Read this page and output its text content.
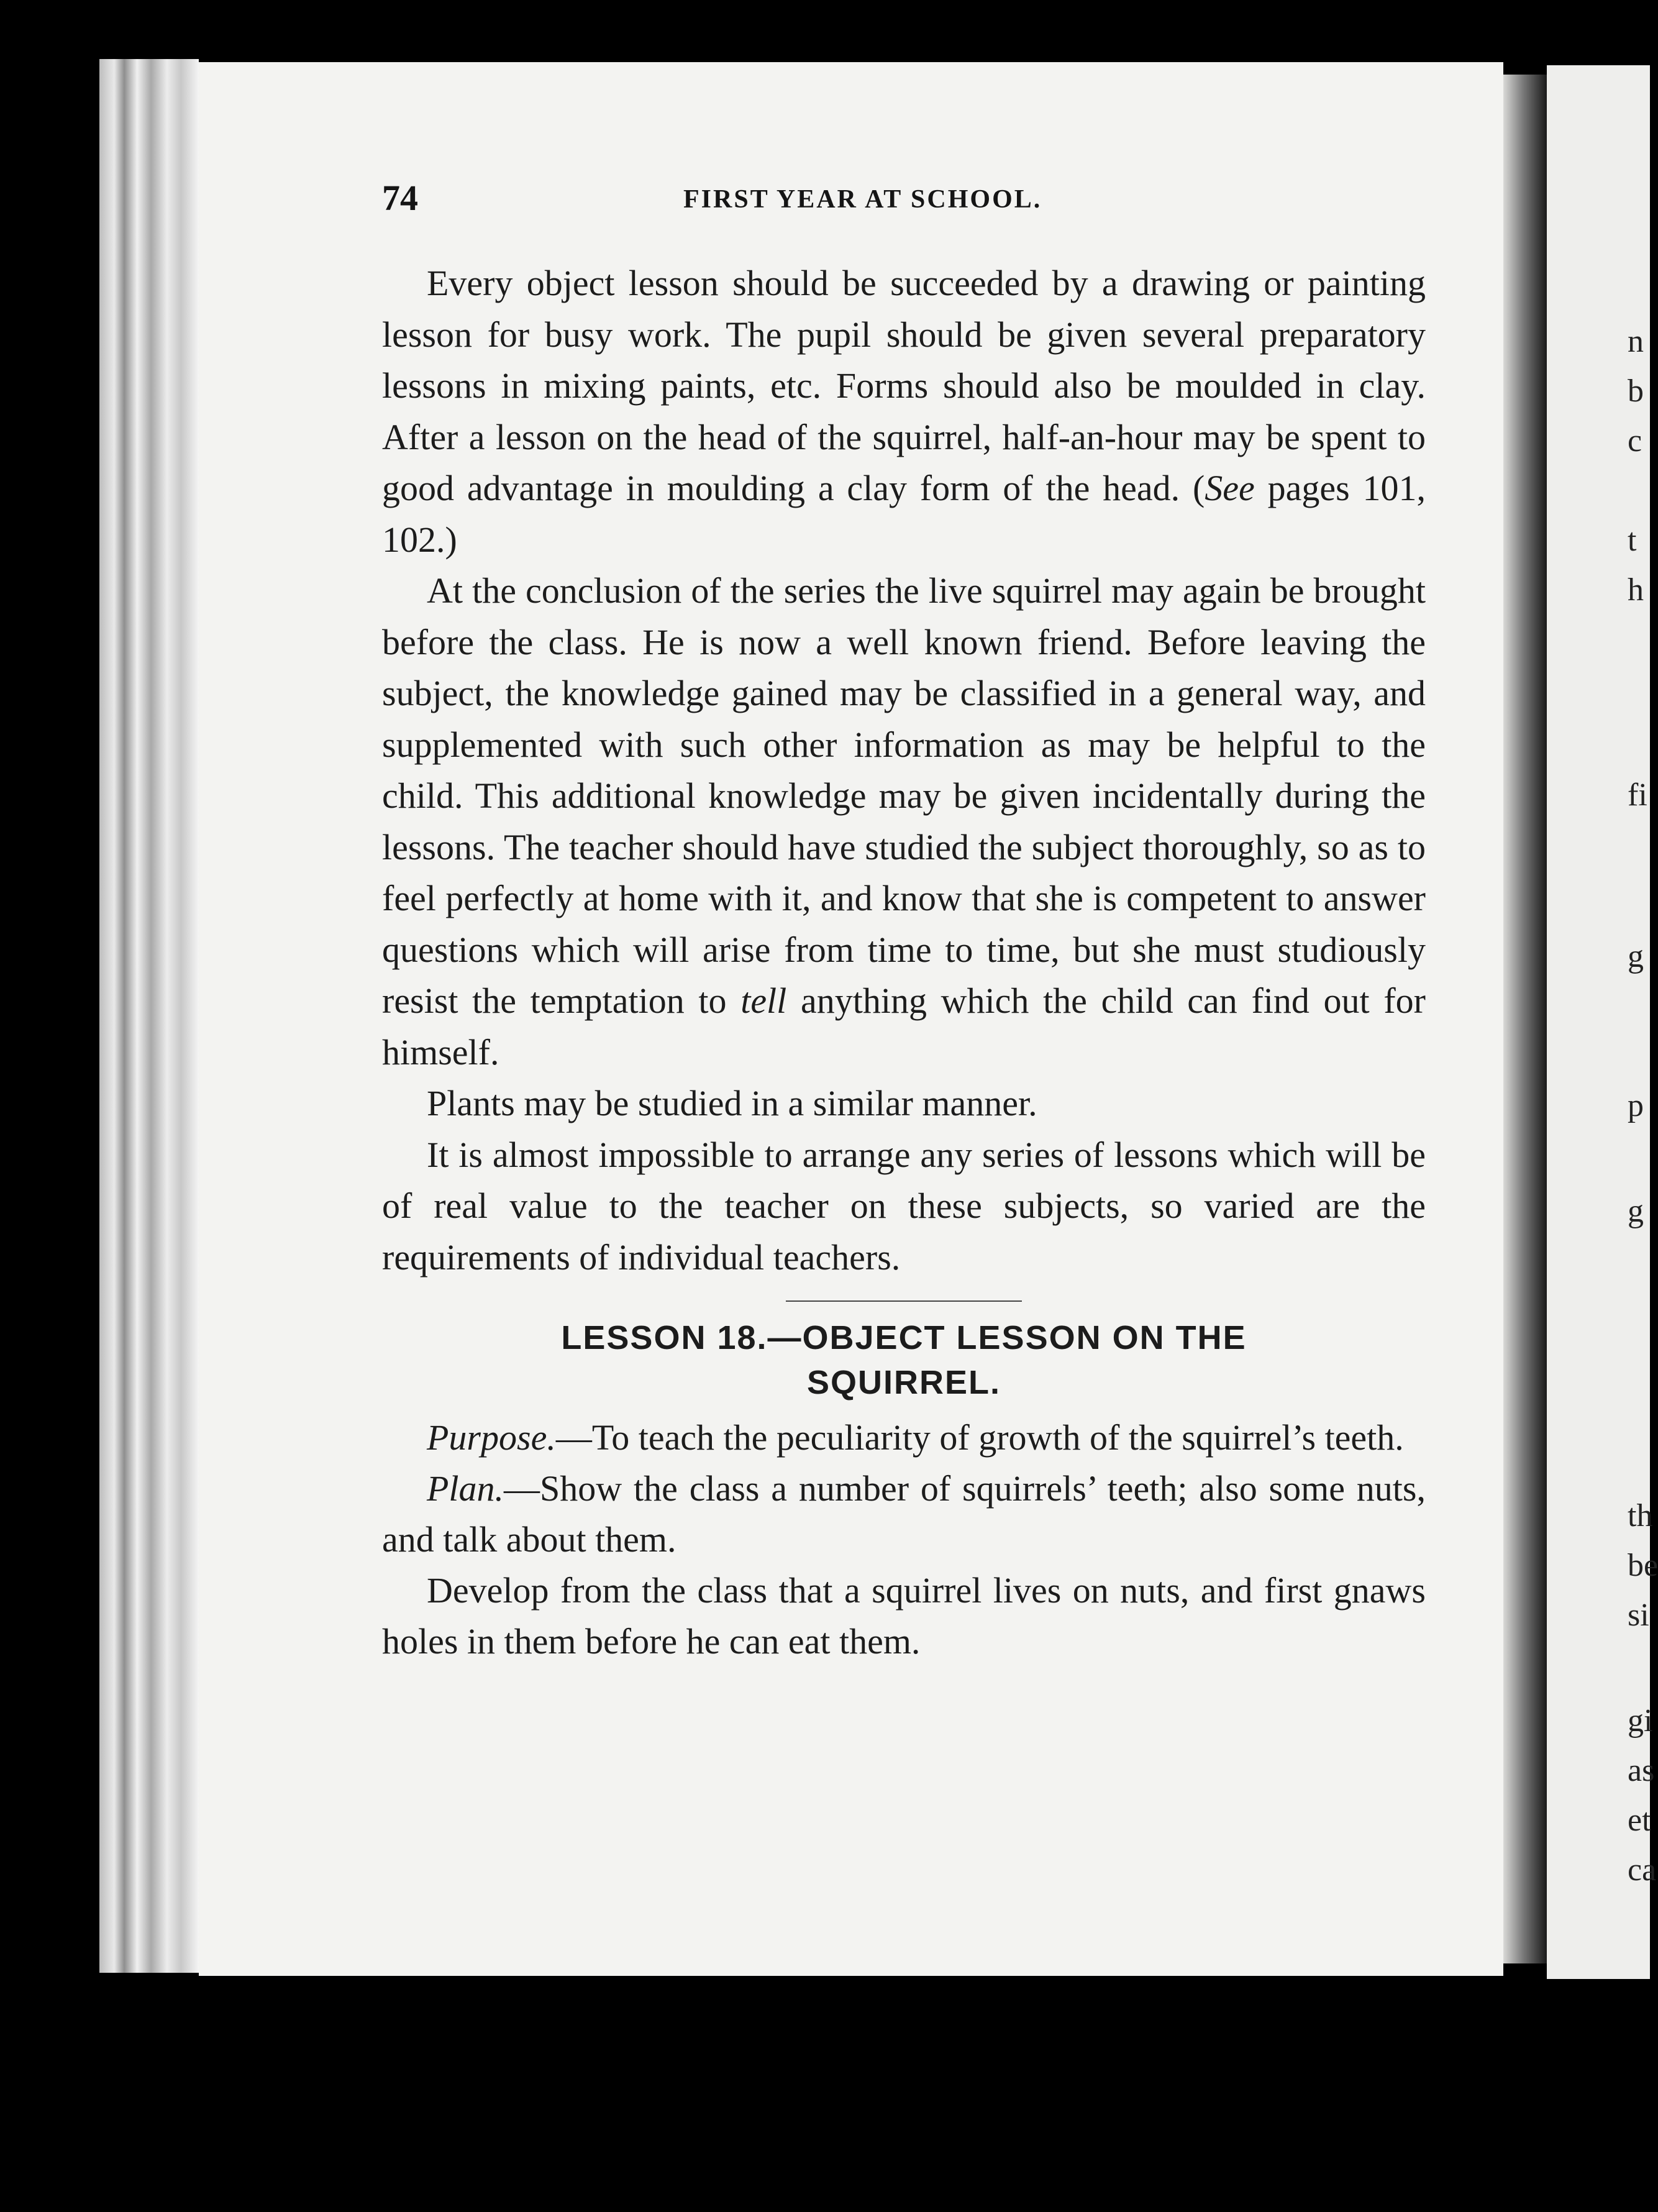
n
b
c
t
h
fi
g
p
g
th
be
si
gi
as
et
ca
74	FIRST YEAR AT SCHOOL.

Every object lesson should be succeeded by a drawing or painting lesson for busy work. The pupil should be given several preparatory lessons in mixing paints, etc. Forms should also be moulded in clay. After a lesson on the head of the squirrel, half-an-hour may be spent to good advantage in moulding a clay form of the head. (See pages 101, 102.)

At the conclusion of the series the live squirrel may again be brought before the class. He is now a well known friend. Before leaving the subject, the knowledge gained may be classified in a general way, and supplemented with such other information as may be helpful to the child. This additional knowledge may be given incidentally during the lessons. The teacher should have studied the subject thoroughly, so as to feel perfectly at home with it, and know that she is competent to answer questions which will arise from time to time, but she must studiously resist the temptation to tell anything which the child can find out for himself.

Plants may be studied in a similar manner.

It is almost impossible to arrange any series of lessons which will be of real value to the teacher on these subjects, so varied are the requirements of individual teachers.

LESSON 18.—OBJECT LESSON ON THE
SQUIRREL.

Purpose.—To teach the peculiarity of growth of the squirrel’s teeth.

Plan.—Show the class a number of squirrels’ teeth; also some nuts, and talk about them.

Develop from the class that a squirrel lives on nuts, and first gnaws holes in them before he can eat them.
